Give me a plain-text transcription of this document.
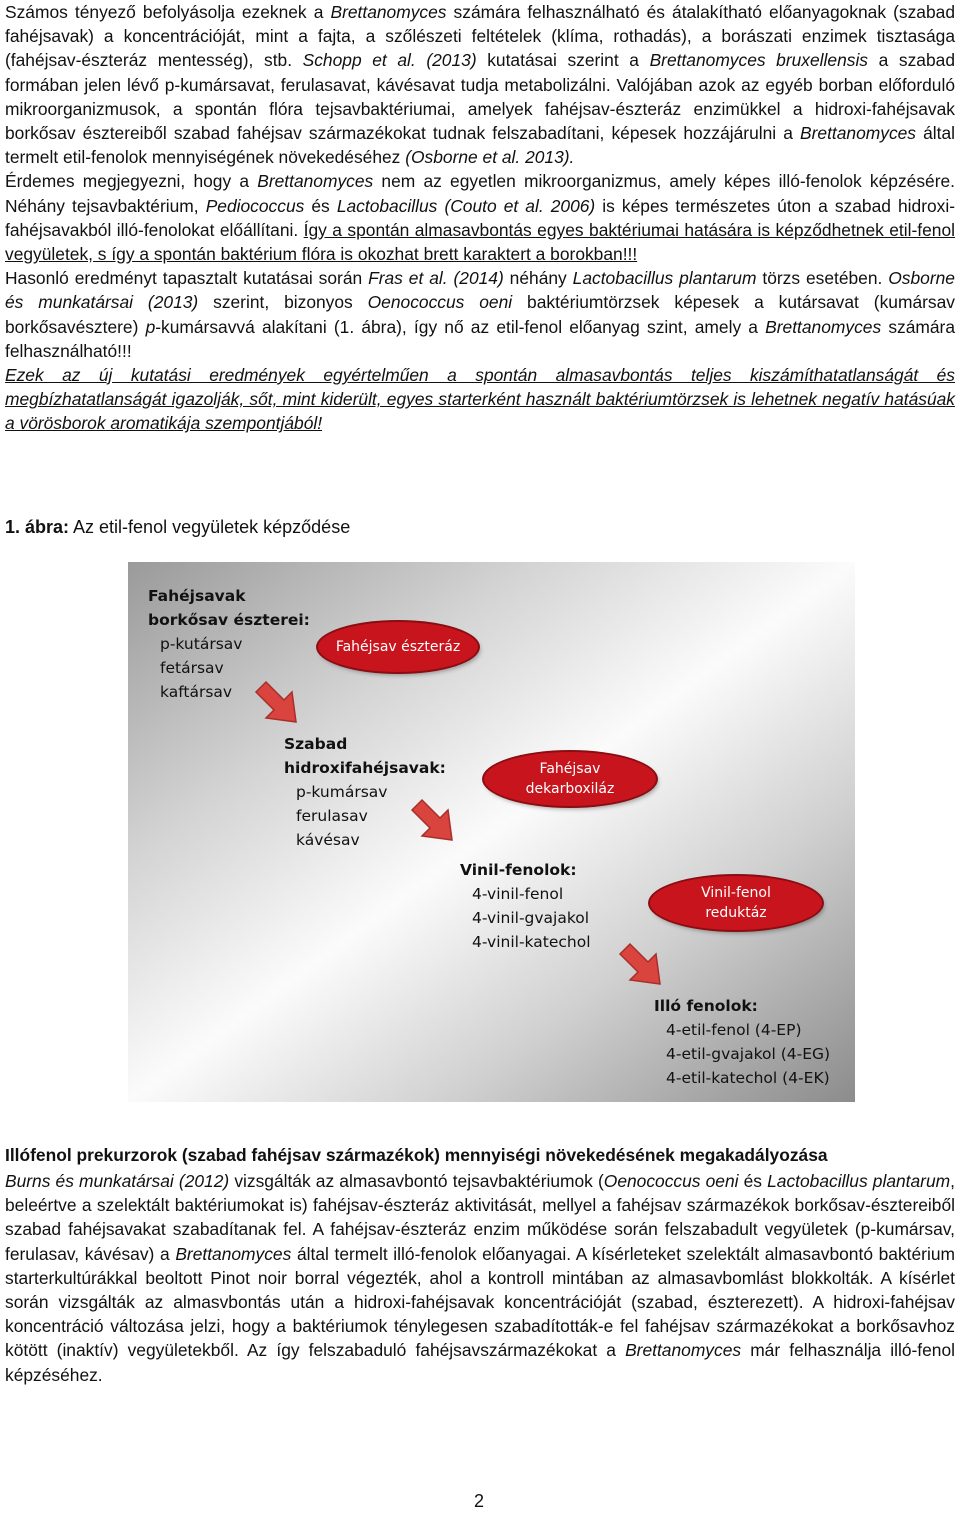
Számos tényező befolyásolja ezeknek a Brettanomyces számára felhasználható és átalakítható előanyagoknak (szabad fahéjsavak) a koncentrációját, mint a fajta, a szőlészeti feltételek (klíma, rothadás), a borászati enzimek tisztasága (fahéjsav-észteráz mentesség), stb. Schopp et al. (2013) kutatásai szerint a Brettanomyces bruxellensis a szabad formában jelen lévő p-kumársavat, ferulasavat, kávésavat tudja metabolizálni. Valójában azok az egyéb borban előforduló mikroorganizmusok, a spontán flóra tejsavbaktériumai, amelyek fahéjsav-észteráz enzimükkel a hidroxi-fahéjsavak borkősav észtereiből szabad fahéjsav származékokat tudnak felszabadítani, képesek hozzájárulni a Brettanomyces által termelt etil-fenolok mennyiségének növekedéséhez (Osborne et al. 2013).
Érdemes megjegyezni, hogy a Brettanomyces nem az egyetlen mikroorganizmus, amely képes illó-fenolok képzésére. Néhány tejsavbaktérium, Pediococcus és Lactobacillus (Couto et al. 2006) is képes természetes úton a szabad hidroxi-fahéjsavakból illó-fenolokat előállítani. Így a spontán almasavbontás egyes baktériumai hatására is képződhetnek etil-fenol vegyületek, s így a spontán baktérium flóra is okozhat brett karaktert a borokban!!!
Hasonló eredményt tapasztalt kutatásai során Fras et al. (2014) néhány Lactobacillus plantarum törzs esetében. Osborne és munkatársai (2013) szerint, bizonyos Oenococcus oeni baktériumtörzsek képesek a kutársavat (kumársav borkősavésztere) p-kumársavvá alakítani (1. ábra), így nő az etil-fenol előanyag szint, amely a Brettanomyces számára felhasználható!!!
Ezek az új kutatási eredmények egyértelműen a spontán almasavbontás teljes kiszámíthatatlanságát és megbízhatatlanságát igazolják, sőt, mint kiderült, egyes starterként használt baktériumtörzsek is lehetnek negatív hatásúak a vörösborok aromatikája szempontjából!
1. ábra: Az etil-fenol vegyületek képződése
Fahéjsavak
borkősav észterei:
p-kutársav
fetársav
kaftársav
Fahéjsav észteráz
Szabad
hidroxifahéjsavak:
p-kumársav
ferulasav
kávésav
Fahéjsav
dekarboxiláz
Vinil-fenolok:
4-vinil-fenol
4-vinil-gvajakol
4-vinil-katechol
Vinil-fenol
reduktáz
Illó fenolok:
4-etil-fenol (4-EP)
4-etil-gvajakol (4-EG)
4-etil-katechol (4-EK)
Illófenol prekurzorok (szabad fahéjsav származékok) mennyiségi növekedésének megakadályozása
Burns és munkatársai (2012) vizsgálták az almasavbontó tejsavbaktériumok (Oenococcus oeni és Lactobacillus plantarum, beleértve a szelektált baktériumokat is) fahéjsav-észteráz aktivitását, mellyel a fahéjsav származékok borkősav-észtereiből szabad fahéjsavakat szabadítanak fel. A fahéjsav-észteráz enzim működése során felszabadult vegyületek (p-kumársav, ferulasav, kávésav) a Brettanomyces által termelt illó-fenolok előanyagai. A kísérleteket szelektált almasavbontó baktérium starterkultúrákkal beoltott Pinot noir borral végezték, ahol a kontroll mintában az almasavbomlást blokkolták. A kísérlet során vizsgálták az almasvbontás után a hidroxi-fahéjsavak koncentrációját (szabad, észterezett). A hidroxi-fahéjsav koncentráció változása jelzi, hogy a baktériumok ténylegesen szabadították-e fel fahéjsav származékokat a borkősavhoz kötött (inaktív) vegyületekből. Az így felszabaduló fahéjsavszármazékokat a Brettanomyces már felhasználja illó-fenol képzéséhez.
2
